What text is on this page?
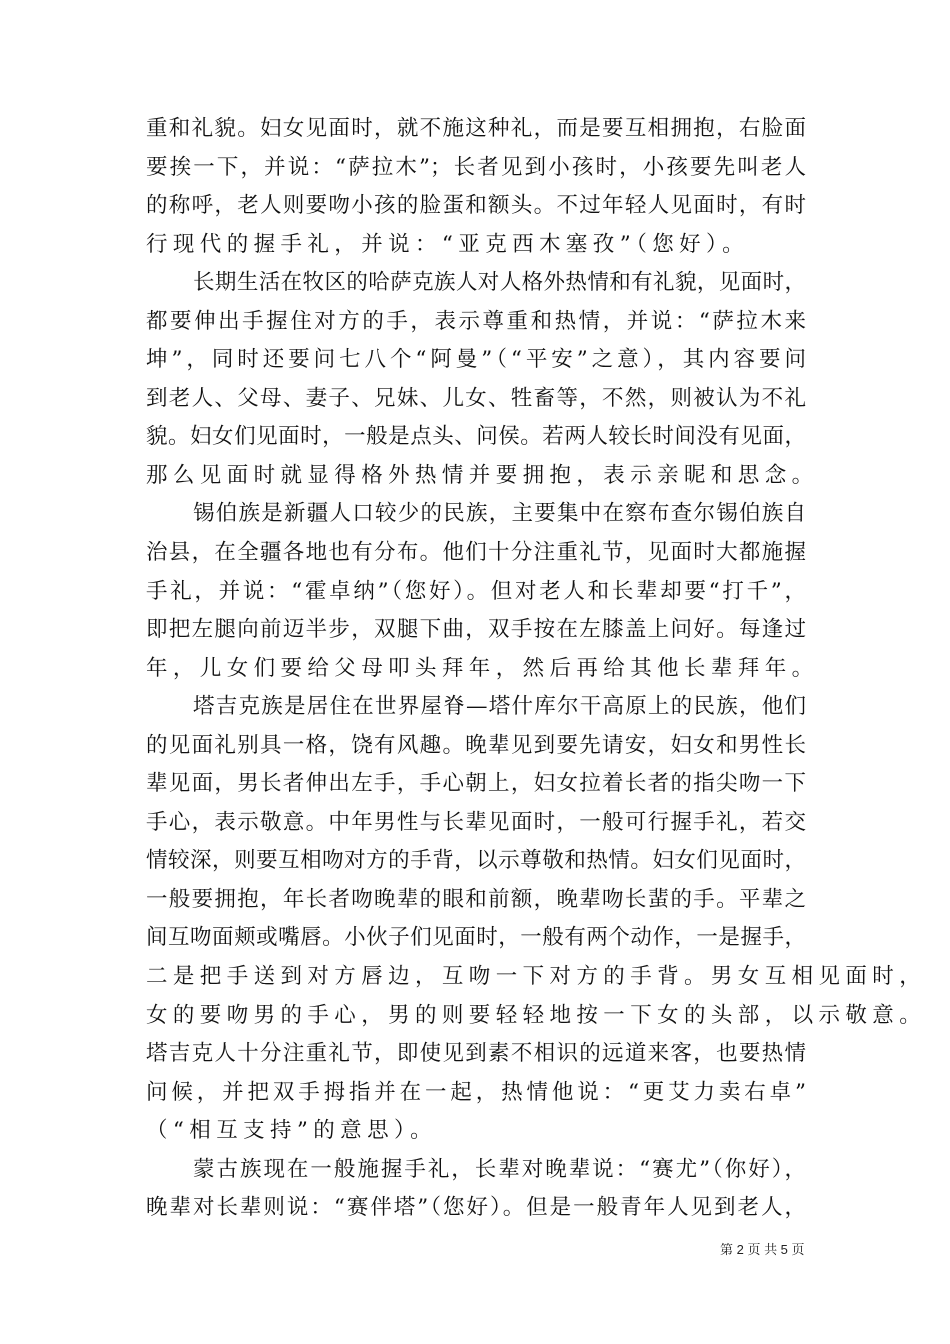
重和礼貌。妇女见面时，就不施这种礼，而是要互相拥抱，右脸面
要挨一下，并说：“萨拉木”；长者见到小孩时，小孩要先叫老人
的称呼，老人则要吻小孩的脸蛋和额头。不过年轻人见面时，有时
行现代的握手礼，并说：“亚克西木塞孜”（您好）。
长期生活在牧区的哈萨克族人对人格外热情和有礼貌，见面时，
都要伸出手握住对方的手，表示尊重和热情，并说：“萨拉木来
坤”，同时还要问七八个“阿曼”（“平安”之意），其内容要问
到老人、父母、妻子、兄妹、儿女、牲畜等，不然，则被认为不礼
貌。妇女们见面时，一般是点头、问侯。若两人较长时间没有见面，
那么见面时就显得格外热情并要拥抱，表示亲昵和思念。
锡伯族是新疆人口较少的民族，主要集中在察布查尔锡伯族自
治县，在全疆各地也有分布。他们十分注重礼节，见面时大都施握
手礼，并说：“霍卓纳”（您好）。但对老人和长辈却要“打千”，
即把左腿向前迈半步，双腿下曲，双手按在左膝盖上问好。每逢过
年，儿女们要给父母叩头拜年，然后再给其他长辈拜年。
塔吉克族是居住在世界屋脊—塔什库尔干高原上的民族，他们
的见面礼别具一格，饶有风趣。晚辈见到要先请安，妇女和男性长
辈见面，男长者伸出左手，手心朝上，妇女拉着长者的指尖吻一下
手心，表示敬意。中年男性与长辈见面时，一般可行握手礼，若交
情较深，则要互相吻对方的手背，以示尊敬和热情。妇女们见面时，
一般要拥抱，年长者吻晚辈的眼和前额，晚辈吻长蜚的手。平辈之
间互吻面颊或嘴唇。小伙子们见面时，一般有两个动作，一是握手，
二是把手送到对方唇边，互吻一下对方的手背。男女互相见面时，
女的要吻男的手心，男的则要轻轻地按一下女的头部，以示敬意。
塔吉克人十分注重礼节，即使见到素不相识的远道来客，也要热情
问候，并把双手拇指并在一起，热情他说：“更艾力卖右卓”
（“相互支持”的意思）。
蒙古族现在一般施握手礼，长辈对晚辈说：“赛尤”（你好），
晚辈对长辈则说：“赛伴塔”（您好）。但是一般青年人见到老人，
第 2 页 共 5 页
